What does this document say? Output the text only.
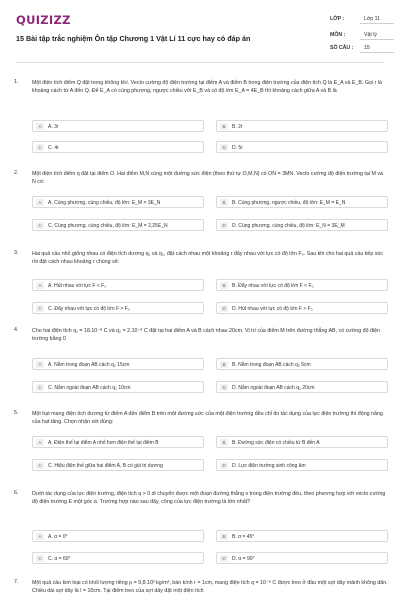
QUIZIZZ
15 Bài tập trắc nghiệm Ôn tập Chương 1 Vật Lí 11 cực hay có đáp án
LỚP :	Lớp 11
MÔN :	Vật lý
SỐ CÂU : 15
1.	Một điện tích điểm Q đặt trong không khí. Vecto cường độ điện trường tại điểm A và điểm B trong điện trường của điện tích Q là E_A và E_B. Gọi r là khoảng cách từ A đến Q. Để E_A có cùng phương, ngược chiều với E_B và có độ lớn E_A = 4E_B thì khoảng cách giữa A và B là
A	A. 3r	B	B. 2r
C	C. 4r	D	D. 5r
2.	Một điện tích điểm q đặt tại điểm O. Hai điểm M,N cùng một đường sức điện (theo thứ tự O,M,N) có ON = 3MN. Vecto cường độ điện trường tại M và N có:
A	A. Cùng phương, cùng chiều, độ lớn: E_M = 3E_N	B	B. Cùng phương, ngược chiều, độ lớn: E_M = E_N
C	C. Cùng phương, cùng chiều, độ lớn: E_M = 2,25E_N	D	D. Cùng phương, cùng chiều, độ lớn: E_N = 3E_M
3.	Hai quả cầu nhỏ giống nhau có điện tích dương q₁ và q₂, đặt cách nhau một khoảng r đẩy nhau với lực có độ lớn F₀. Sau khi cho hai quả cầu tiếp xúc rồi đặt cách nhau khoảng r chúng sẽ:
A	A. Hút nhau với lực F < F₀	B	B. Đẩy nhau với lực có độ lớn F < F₀
C	C. Đẩy nhau với lực có độ lớn F > F₀	D	D. Hút nhau với lực có độ lớn F > F₀
4.	Cho hai điện tích q₁ = 18.10⁻⁸ C và q₂ = 2.10⁻⁸ C đặt tại hai điểm A và B cách nhau 20cm. Vị trí của điểm M trên đường thẳng AB, có cường độ điện trường bằng 0
A	A. Nằm trong đoạn AB cách q₂ 15cm	B	B. Nằm trong đoạn AB cách q₂ 5cm
C	C. Nằm ngoài đoạn AB cách q₂ 10cm	D	D. Nằm ngoài đoạn AB cách q₂ 20cm
5.	Một hạt mang điện tích dương từ điểm A đến điểm B trên một đường sức của một điện trường đều chỉ do tác dụng của lực điện trường thì động năng của hạt tăng. Chọn nhận xét đúng:
A	A. Điện thế tại điểm A nhỏ hơn điện thế tại điểm B	B	B. Đường sức điện có chiều từ B đến A
C	C. Hiệu điện thế giữa hai điểm A, B có giá trị dương	D	D. Lực điện trường sinh công âm
6.	Dưới tác dụng của lực điện trường, điện tích q > 0 di chuyển được một đoạn đường thẳng s trong điện trường đều, theo phương hợp với vécto cường độ điện trường E một góc α. Trường hợp nào sau đây, công của lực điện trường là lớn nhất?
A	A. α = 0°	B	B. α = 45°
C	C. α = 60°	D	D. α = 90°
7.	Một quả cầu kim loại có khối lượng riêng ρ = 9,8.10³ kg/m³, bán kính r = 1cm, mang điện tích q = 10⁻⁶ C được treo ở đầu một sợi dây mảnh không dãn. Chiều dài sợi dây là l = 10cm. Tại điểm treo của sợi dây đặt một điện tích
